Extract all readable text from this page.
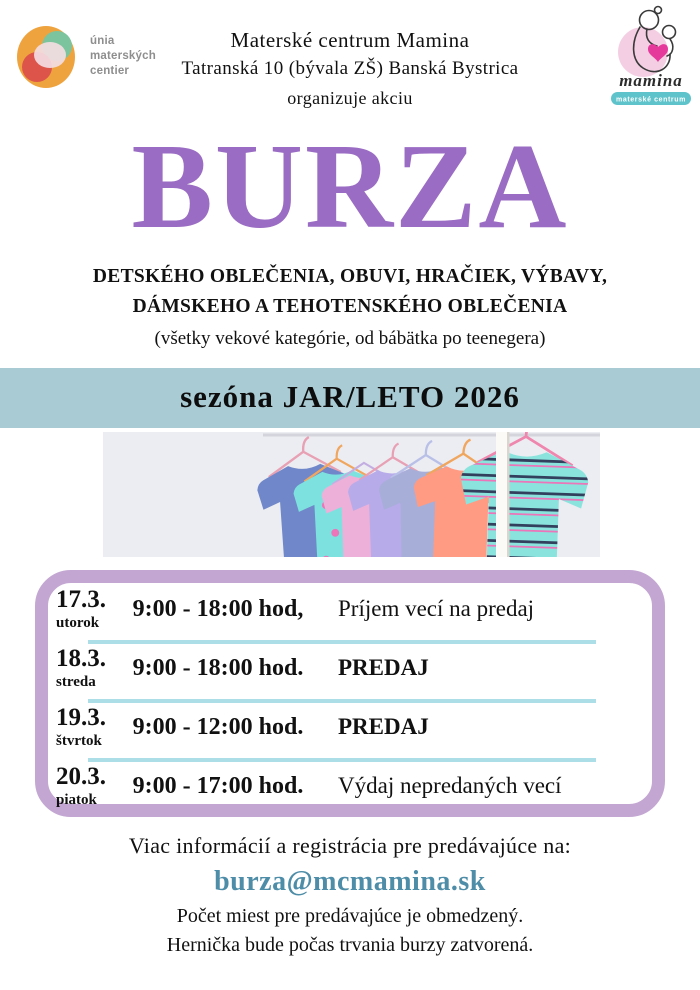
únia
materských
centier
mamina
materské centrum
Materské centrum Mamina
Tatranská 10 (bývala ZŠ) Banská Bystrica
organizuje akciu
BURZA
DETSKÉHO OBLEČENIA, OBUVI, HRAČIEK, VÝBAVY,
DÁMSKEHO A TEHOTENSKÉHO OBLEČENIA
(všetky vekové kategórie, od bábätka po teenegera)
sezóna JAR/LETO 2026
17.3.
utorok
9:00 - 18:00 hod,	Príjem vecí na predaj
18.3.
streda
9:00 - 18:00 hod.	PREDAJ
19.3.
štvrtok
9:00 - 12:00 hod.	PREDAJ
20.3.
piatok
9:00 - 17:00 hod.	Výdaj nepredaných vecí
Viac informácií a registrácia pre predávajúce na:
burza@mcmamina.sk
Počet miest pre predávajúce je obmedzený.
Hernička bude počas trvania burzy zatvorená.
